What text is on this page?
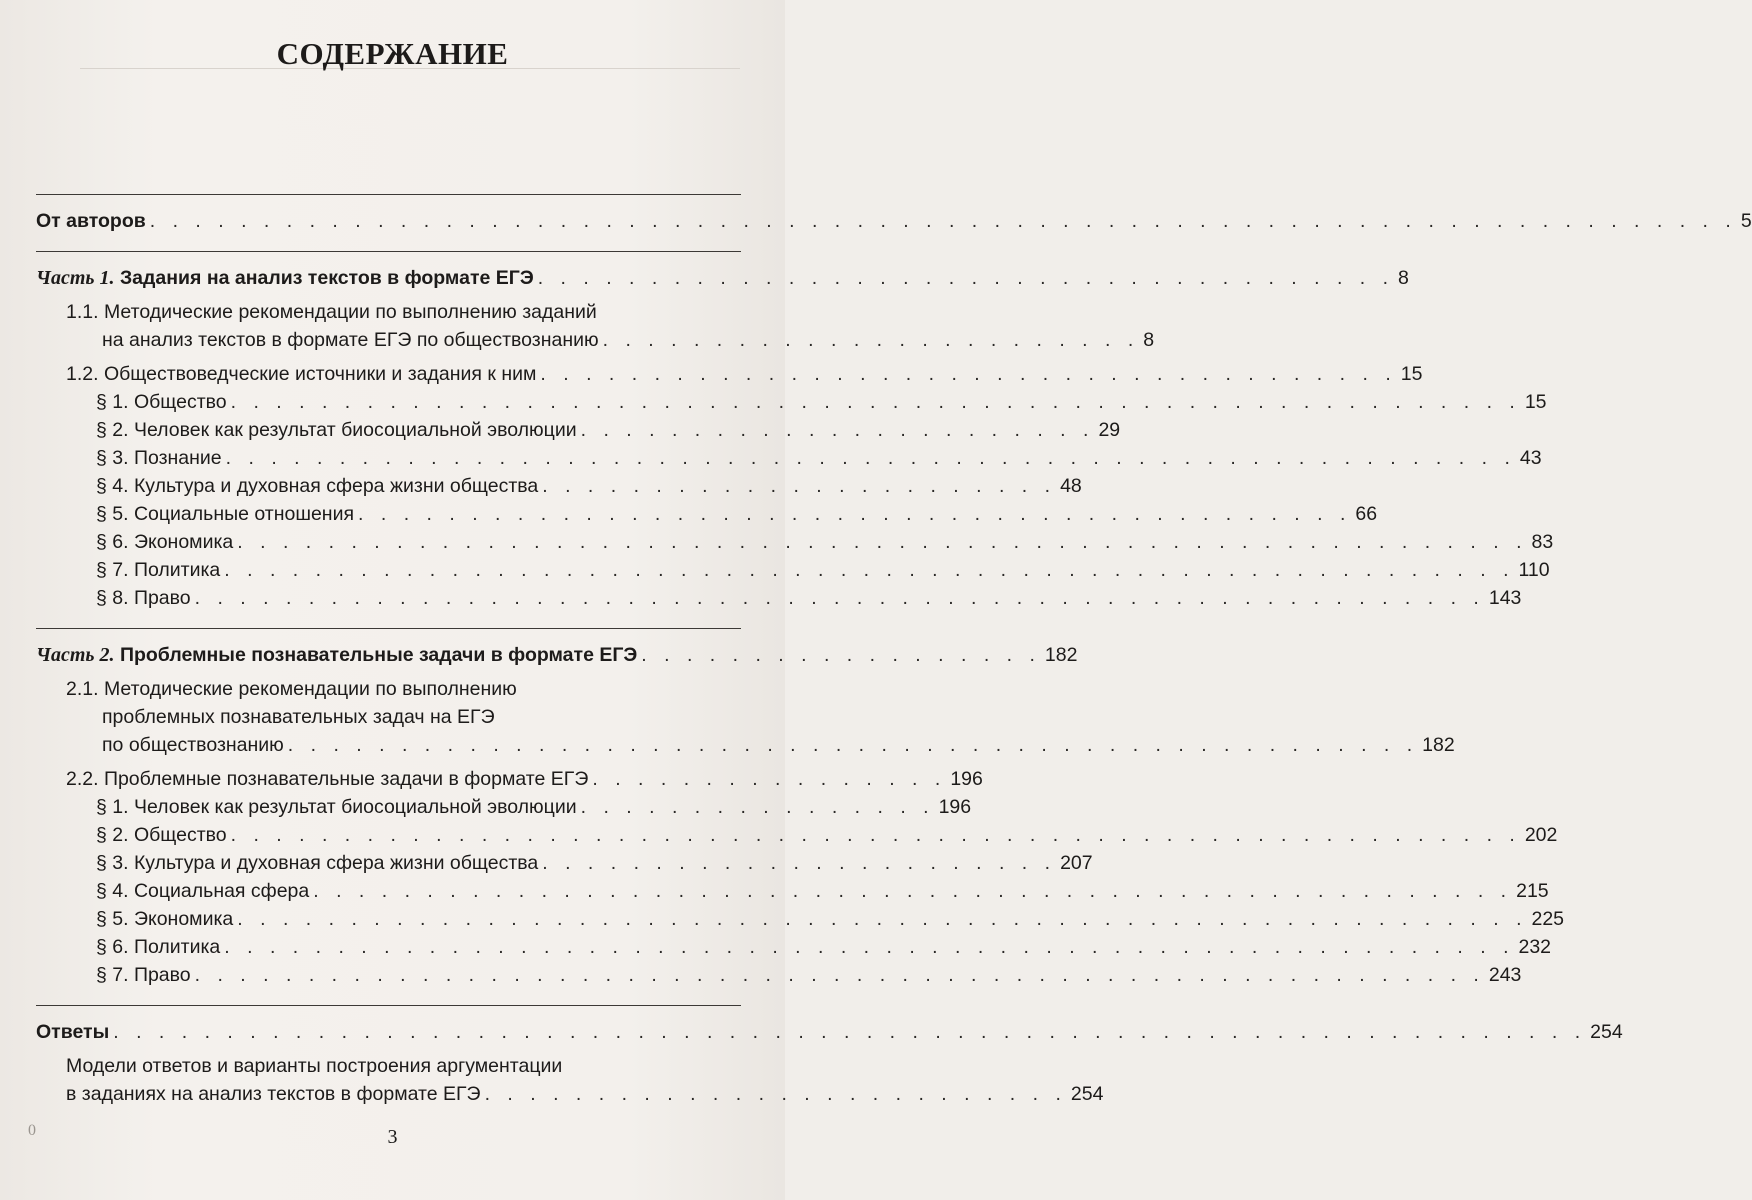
СОДЕРЖАНИЕ
От авторов . . . . . . . . . . . . . . . . . . . . . . . . . . . . . . . . . . . . . . . . . . . . . . . . . . . . . . . . . . . . . . . . . . . . . . 5
Часть 1. Задания на анализ текстов в формате ЕГЭ . . . . . . . . . . . . . . . . . . . . . . . . . . . . . . . . . . . . . . 8
1.1. Методические рекомендации по выполнению заданий
на анализ текстов в формате ЕГЭ по обществознанию . . . . . . . . . . . . . . . . . . . . . . . . 8
1.2. Обществоведческие источники и задания к ним . . . . . . . . . . . . . . . . . . . . . . . . . . . . . . . . . . . . . . 15
§ 1. Общество . . . . . . . . . . . . . . . . . . . . . . . . . . . . . . . . . . . . . . . . . . . . . . . . . . . . . . . . . 15
§ 2. Человек как результат биосоциальной эволюции . . . . . . . . . . . . . . . . . . . . . . . 29
§ 3. Познание . . . . . . . . . . . . . . . . . . . . . . . . . . . . . . . . . . . . . . . . . . . . . . . . . . . . . . . . . 43
§ 4. Культура и духовная сфера жизни общества . . . . . . . . . . . . . . . . . . . . . . . 48
§ 5. Социальные отношения . . . . . . . . . . . . . . . . . . . . . . . . . . . . . . . . . . . . . . . . . . . . 66
§ 6. Экономика . . . . . . . . . . . . . . . . . . . . . . . . . . . . . . . . . . . . . . . . . . . . . . . . . . . . . . . . . 83
§ 7. Политика . . . . . . . . . . . . . . . . . . . . . . . . . . . . . . . . . . . . . . . . . . . . . . . . . . . . . . . . . 110
§ 8. Право . . . . . . . . . . . . . . . . . . . . . . . . . . . . . . . . . . . . . . . . . . . . . . . . . . . . . . . . . 143
Часть 2. Проблемные познавательные задачи в формате ЕГЭ . . . . . . . . . . . . . . . . . . 182
2.1. Методические рекомендации по выполнению
проблемных познавательных задач на ЕГЭ
по обществознанию . . . . . . . . . . . . . . . . . . . . . . . . . . . . . . . . . . . . . . . . . . . . . . . . . . 182
2.2. Проблемные познавательные задачи в формате ЕГЭ . . . . . . . . . . . . . . . . 196
§ 1. Человек как результат биосоциальной эволюции . . . . . . . . . . . . . . . . 196
§ 2. Общество . . . . . . . . . . . . . . . . . . . . . . . . . . . . . . . . . . . . . . . . . . . . . . . . . . . . . . . . . 202
§ 3. Культура и духовная сфера жизни общества . . . . . . . . . . . . . . . . . . . . . . . 207
§ 4. Социальная сфера . . . . . . . . . . . . . . . . . . . . . . . . . . . . . . . . . . . . . . . . . . . . . . . . . . . . . 215
§ 5. Экономика . . . . . . . . . . . . . . . . . . . . . . . . . . . . . . . . . . . . . . . . . . . . . . . . . . . . . . . . . 225
§ 6. Политика . . . . . . . . . . . . . . . . . . . . . . . . . . . . . . . . . . . . . . . . . . . . . . . . . . . . . . . . . 232
§ 7. Право . . . . . . . . . . . . . . . . . . . . . . . . . . . . . . . . . . . . . . . . . . . . . . . . . . . . . . . . . 243
Ответы . . . . . . . . . . . . . . . . . . . . . . . . . . . . . . . . . . . . . . . . . . . . . . . . . . . . . . . . . . . . . . . . . 254
Модели ответов и варианты построения аргументации
в заданиях на анализ текстов в формате ЕГЭ . . . . . . . . . . . . . . . . . . . . . . . . . . 254
0	3
